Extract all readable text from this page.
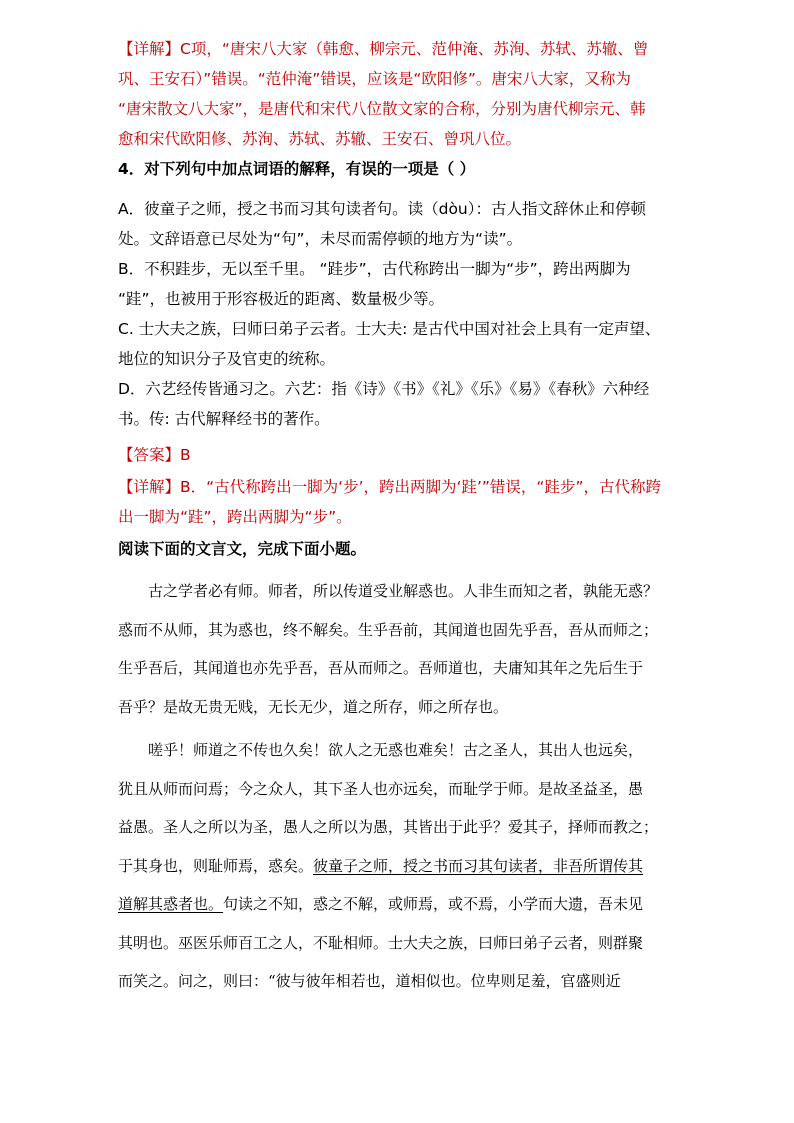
【详解】C项，“唐宋八大家（韩愈、柳宗元、范仲淹、苏洵、苏轼、苏辙、曾
巩、王安石）”错误。“范仲淹”错误，应该是“欧阳修”。唐宋八大家，又称为
“唐宋散文八大家”，是唐代和宋代八位散文家的合称，分别为唐代柳宗元、韩
愈和宋代欧阳修、苏洵、苏轼、苏辙、王安石、曾巩八位。
4．对下列句中加点词语的解释，有误的一项是（ ）
A．彼童子之师，授之书而习其句读者句。读（dòu）：古人指文辞休止和停顿
处。文辞语意已尽处为“句”，未尽而需停顿的地方为“读”。
B．不积跬步，无以至千里。 “跬步”，古代称跨出一脚为“步”，跨出两脚为
“跬”，也被用于形容极近的距离、数量极少等。
C. 士大夫之族，曰师曰弟子云者。士大夫: 是古代中国对社会上具有一定声望、
地位的知识分子及官吏的统称。
D．六艺经传皆通习之。六艺：指《诗》《书》《礼》《乐》《易》《春秋》六种经
书。传: 古代解释经书的著作。
【答案】B
【详解】B．“古代称跨出一脚为‘步’，跨出两脚为‘跬’”错误，“跬步”，古代称跨
出一脚为“跬”，跨出两脚为“步”。
阅读下面的文言文，完成下面小题。
古之学者必有师。师者，所以传道受业解惑也。人非生而知之者，孰能无惑？
惑而不从师，其为惑也，终不解矣。生乎吾前，其闻道也固先乎吾，吾从而师之；
生乎吾后，其闻道也亦先乎吾，吾从而师之。吾师道也，夫庸知其年之先后生于
吾乎？是故无贵无贱，无长无少，道之所存，师之所存也。
嗟乎！师道之不传也久矣！欲人之无惑也难矣！古之圣人，其出人也远矣，
犹且从师而问焉；今之众人，其下圣人也亦远矣，而耻学于师。是故圣益圣，愚
益愚。圣人之所以为圣，愚人之所以为愚，其皆出于此乎？爱其子，择师而教之；
于其身也，则耻师焉，惑矣。彼童子之师，授之书而习其句读者，非吾所谓传其
道解其惑者也。句读之不知，惑之不解，或师焉，或不焉，小学而大遗，吾未见
其明也。巫医乐师百工之人，不耻相师。士大夫之族，曰师曰弟子云者，则群聚
而笑之。问之，则曰：“彼与彼年相若也，道相似也。位卑则足羞，官盛则近
